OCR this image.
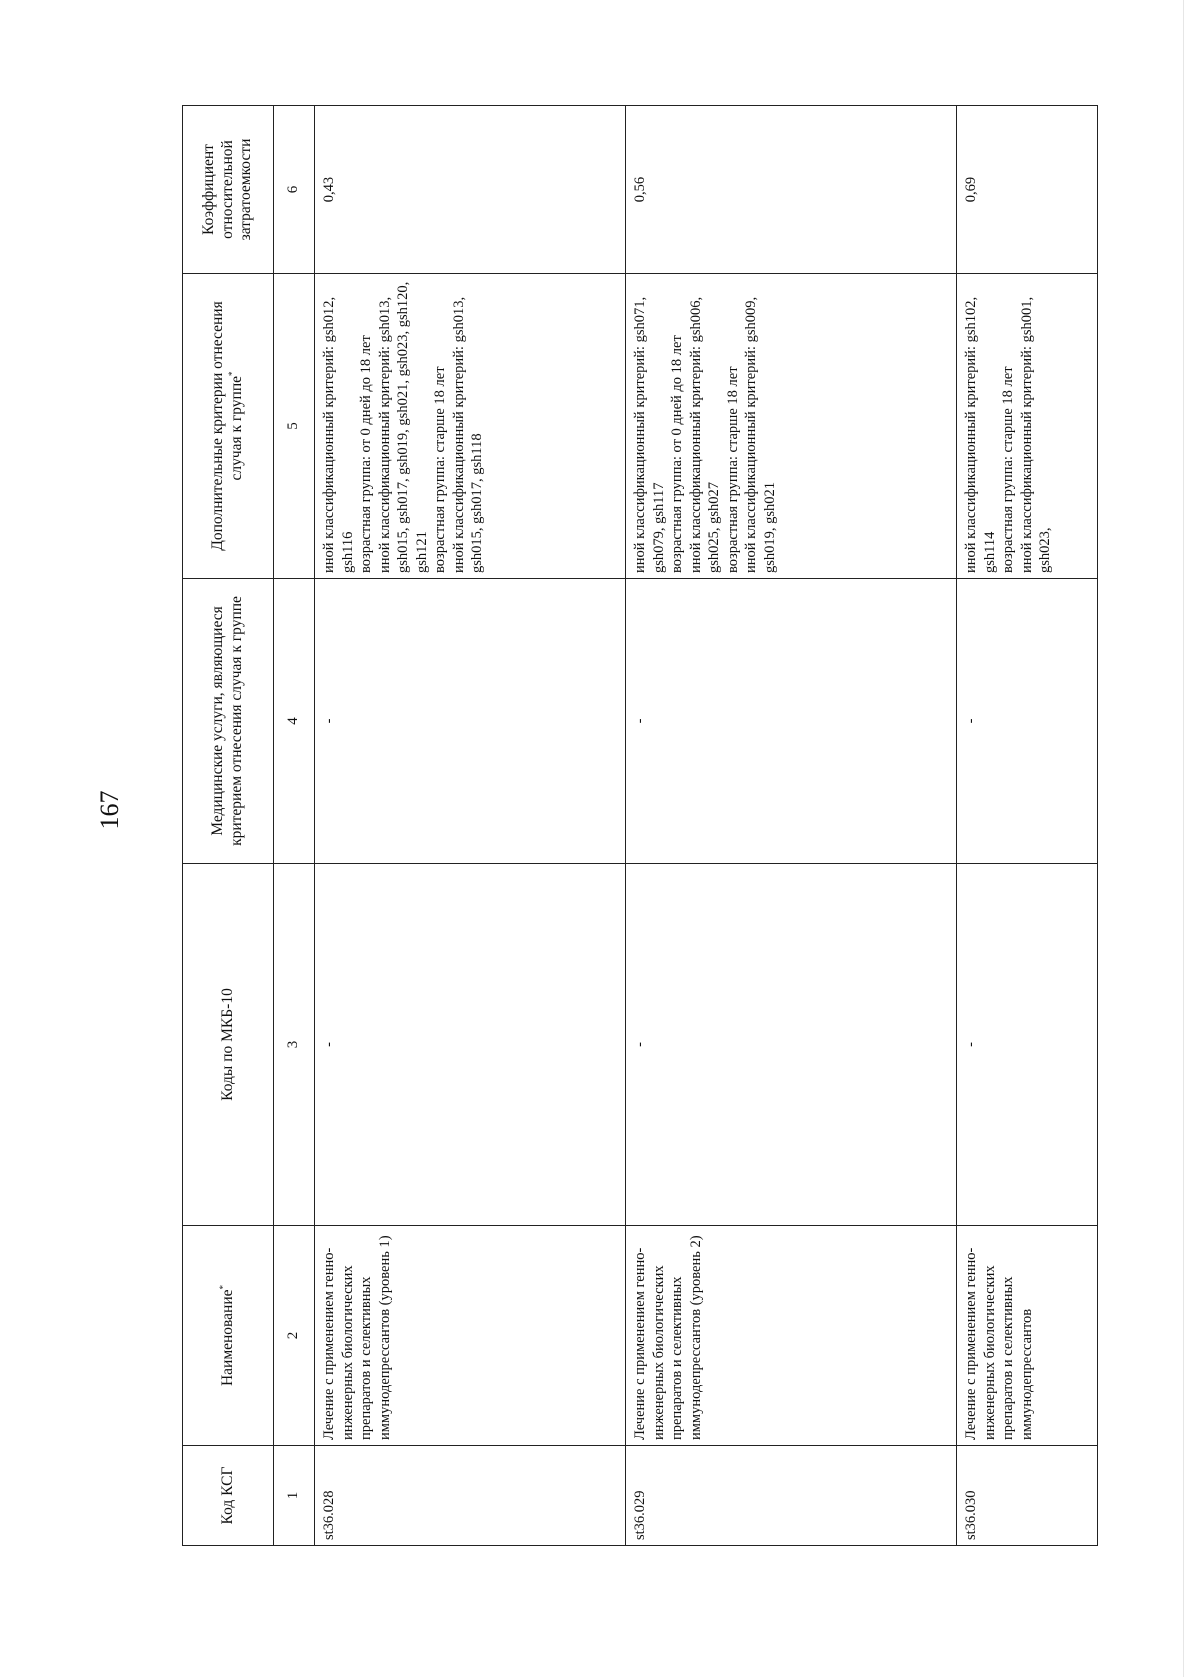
167
Код КСГ	Наименование*	Коды по МКБ-10	Медицинские услуги, являющиеся критерием отнесения случая к группе	Дополнительные критерии отнесения случая к группе*	Коэффициент относительной затратоемкости
1	2	3	4	5	6
st36.028	Лечение с применением генно-инженерных биологических препаратов и селективных иммунодепрессантов (уровень 1)	-	-	иной классификационный критерий: gsh012, gsh116 возрастная группа: от 0 дней до 18 лет иной классификационный критерий: gsh013, gsh015, gsh017, gsh019, gsh021, gsh023, gsh120, gsh121 возрастная группа: старше 18 лет иной классификационный критерий: gsh013, gsh015, gsh017, gsh118	0,43
st36.029	Лечение с применением генно-инженерных биологических препаратов и селективных иммунодепрессантов (уровень 2)	-	-	иной классификационный критерий: gsh071, gsh079, gsh117 возрастная группа: от 0 дней до 18 лет иной классификационный критерий: gsh006, gsh025, gsh027 возрастная группа: старше 18 лет иной классификационный критерий: gsh009, gsh019, gsh021	0,56
st36.030	Лечение с применением генно-инженерных биологических препаратов и селективных иммунодепрессантов	-	-	иной классификационный критерий: gsh102, gsh114 возрастная группа: старше 18 лет иной классификационный критерий: gsh001, gsh023,	0,69
